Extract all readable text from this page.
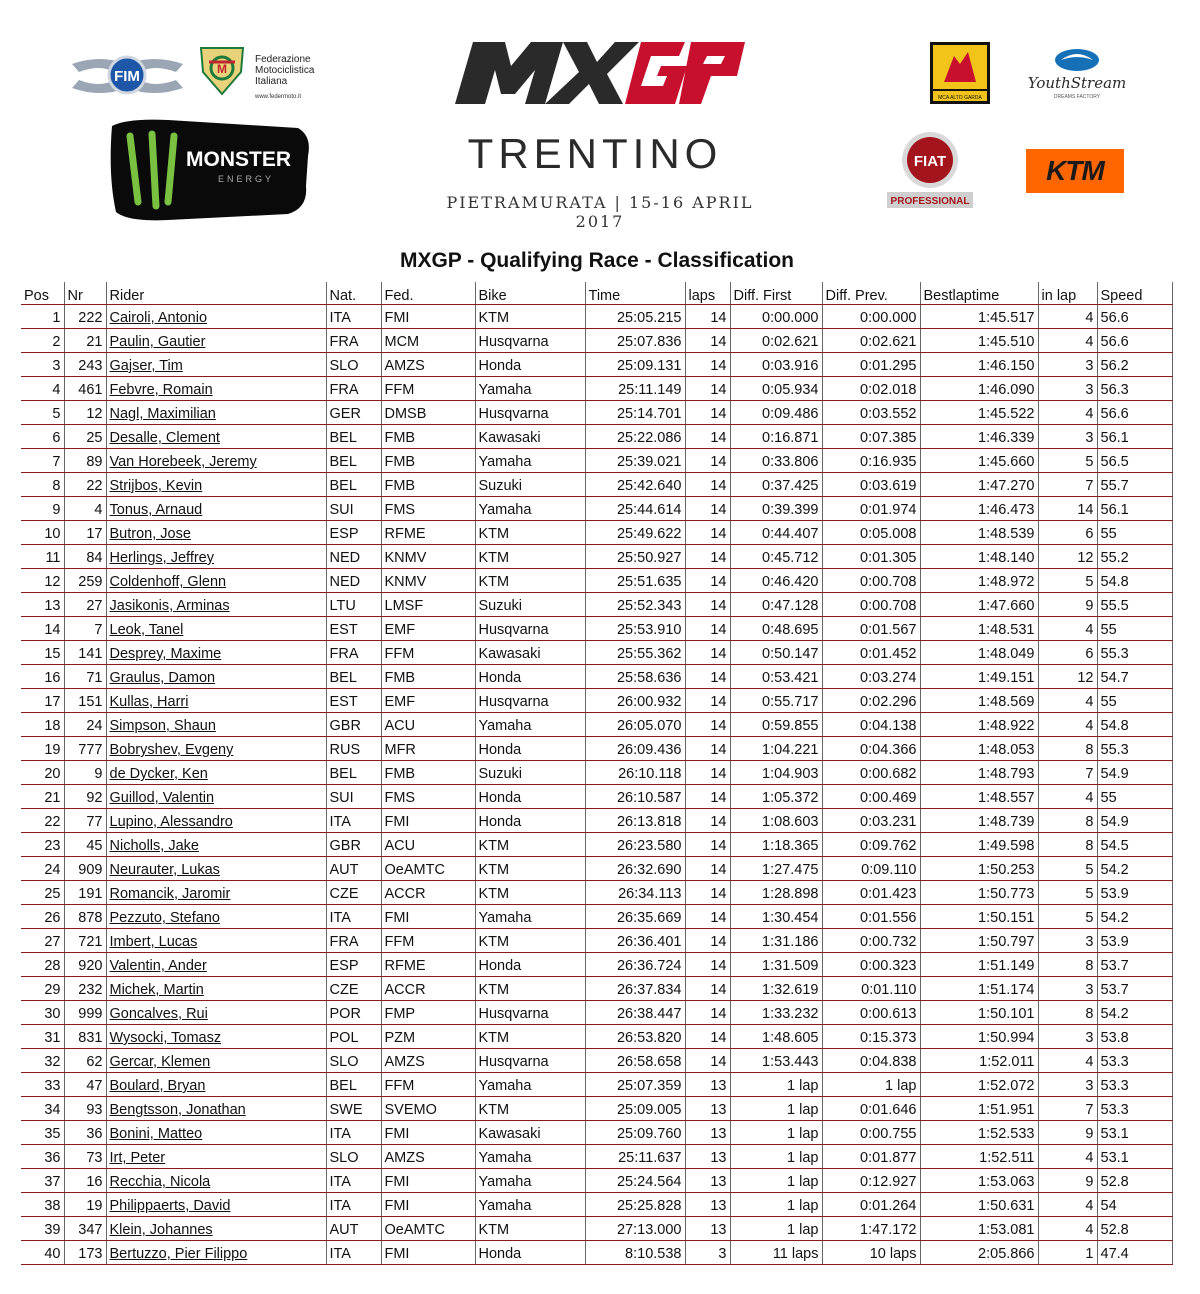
FIM	M
Federazione
Motociclistica
Italiana
www.federmoto.it
MONSTER
ENERGY
TRENTINO
PIETRAMURATA | 15-16 APRIL 2017
MCA ALTO GARDA
YouthStream
DREAMS FACTORY
FIAT
PROFESSIONAL
KTM
MXGP - Qualifying Race - Classification
Pos	Nr	Rider	Nat.	Fed.	Bike	Time	laps	Diff. First	Diff. Prev.	Bestlaptime	in lap	Speed
1	222	Cairoli, Antonio	ITA	FMI	KTM	25:05.215	14	0:00.000	0:00.000	1:45.517	4	56.6
2	21	Paulin, Gautier	FRA	MCM	Husqvarna	25:07.836	14	0:02.621	0:02.621	1:45.510	4	56.6
3	243	Gajser, Tim	SLO	AMZS	Honda	25:09.131	14	0:03.916	0:01.295	1:46.150	3	56.2
4	461	Febvre, Romain	FRA	FFM	Yamaha	25:11.149	14	0:05.934	0:02.018	1:46.090	3	56.3
5	12	Nagl, Maximilian	GER	DMSB	Husqvarna	25:14.701	14	0:09.486	0:03.552	1:45.522	4	56.6
6	25	Desalle, Clement	BEL	FMB	Kawasaki	25:22.086	14	0:16.871	0:07.385	1:46.339	3	56.1
7	89	Van Horebeek, Jeremy	BEL	FMB	Yamaha	25:39.021	14	0:33.806	0:16.935	1:45.660	5	56.5
8	22	Strijbos, Kevin	BEL	FMB	Suzuki	25:42.640	14	0:37.425	0:03.619	1:47.270	7	55.7
9	4	Tonus, Arnaud	SUI	FMS	Yamaha	25:44.614	14	0:39.399	0:01.974	1:46.473	14	56.1
10	17	Butron, Jose	ESP	RFME	KTM	25:49.622	14	0:44.407	0:05.008	1:48.539	6	55
11	84	Herlings, Jeffrey	NED	KNMV	KTM	25:50.927	14	0:45.712	0:01.305	1:48.140	12	55.2
12	259	Coldenhoff, Glenn	NED	KNMV	KTM	25:51.635	14	0:46.420	0:00.708	1:48.972	5	54.8
13	27	Jasikonis, Arminas	LTU	LMSF	Suzuki	25:52.343	14	0:47.128	0:00.708	1:47.660	9	55.5
14	7	Leok, Tanel	EST	EMF	Husqvarna	25:53.910	14	0:48.695	0:01.567	1:48.531	4	55
15	141	Desprey, Maxime	FRA	FFM	Kawasaki	25:55.362	14	0:50.147	0:01.452	1:48.049	6	55.3
16	71	Graulus, Damon	BEL	FMB	Honda	25:58.636	14	0:53.421	0:03.274	1:49.151	12	54.7
17	151	Kullas, Harri	EST	EMF	Husqvarna	26:00.932	14	0:55.717	0:02.296	1:48.569	4	55
18	24	Simpson, Shaun	GBR	ACU	Yamaha	26:05.070	14	0:59.855	0:04.138	1:48.922	4	54.8
19	777	Bobryshev, Evgeny	RUS	MFR	Honda	26:09.436	14	1:04.221	0:04.366	1:48.053	8	55.3
20	9	de Dycker, Ken	BEL	FMB	Suzuki	26:10.118	14	1:04.903	0:00.682	1:48.793	7	54.9
21	92	Guillod, Valentin	SUI	FMS	Honda	26:10.587	14	1:05.372	0:00.469	1:48.557	4	55
22	77	Lupino, Alessandro	ITA	FMI	Honda	26:13.818	14	1:08.603	0:03.231	1:48.739	8	54.9
23	45	Nicholls, Jake	GBR	ACU	KTM	26:23.580	14	1:18.365	0:09.762	1:49.598	8	54.5
24	909	Neurauter, Lukas	AUT	OeAMTC	KTM	26:32.690	14	1:27.475	0:09.110	1:50.253	5	54.2
25	191	Romancik, Jaromir	CZE	ACCR	KTM	26:34.113	14	1:28.898	0:01.423	1:50.773	5	53.9
26	878	Pezzuto, Stefano	ITA	FMI	Yamaha	26:35.669	14	1:30.454	0:01.556	1:50.151	5	54.2
27	721	Imbert, Lucas	FRA	FFM	KTM	26:36.401	14	1:31.186	0:00.732	1:50.797	3	53.9
28	920	Valentin, Ander	ESP	RFME	Honda	26:36.724	14	1:31.509	0:00.323	1:51.149	8	53.7
29	232	Michek, Martin	CZE	ACCR	KTM	26:37.834	14	1:32.619	0:01.110	1:51.174	3	53.7
30	999	Goncalves, Rui	POR	FMP	Husqvarna	26:38.447	14	1:33.232	0:00.613	1:50.101	8	54.2
31	831	Wysocki, Tomasz	POL	PZM	KTM	26:53.820	14	1:48.605	0:15.373	1:50.994	3	53.8
32	62	Gercar, Klemen	SLO	AMZS	Husqvarna	26:58.658	14	1:53.443	0:04.838	1:52.011	4	53.3
33	47	Boulard, Bryan	BEL	FFM	Yamaha	25:07.359	13	1 lap	1 lap	1:52.072	3	53.3
34	93	Bengtsson, Jonathan	SWE	SVEMO	KTM	25:09.005	13	1 lap	0:01.646	1:51.951	7	53.3
35	36	Bonini, Matteo	ITA	FMI	Kawasaki	25:09.760	13	1 lap	0:00.755	1:52.533	9	53.1
36	73	Irt, Peter	SLO	AMZS	Yamaha	25:11.637	13	1 lap	0:01.877	1:52.511	4	53.1
37	16	Recchia, Nicola	ITA	FMI	Yamaha	25:24.564	13	1 lap	0:12.927	1:53.063	9	52.8
38	19	Philippaerts, David	ITA	FMI	Yamaha	25:25.828	13	1 lap	0:01.264	1:50.631	4	54
39	347	Klein, Johannes	AUT	OeAMTC	KTM	27:13.000	13	1 lap	1:47.172	1:53.081	4	52.8
40	173	Bertuzzo, Pier Filippo	ITA	FMI	Honda	8:10.538	3	11 laps	10 laps	2:05.866	1	47.4
